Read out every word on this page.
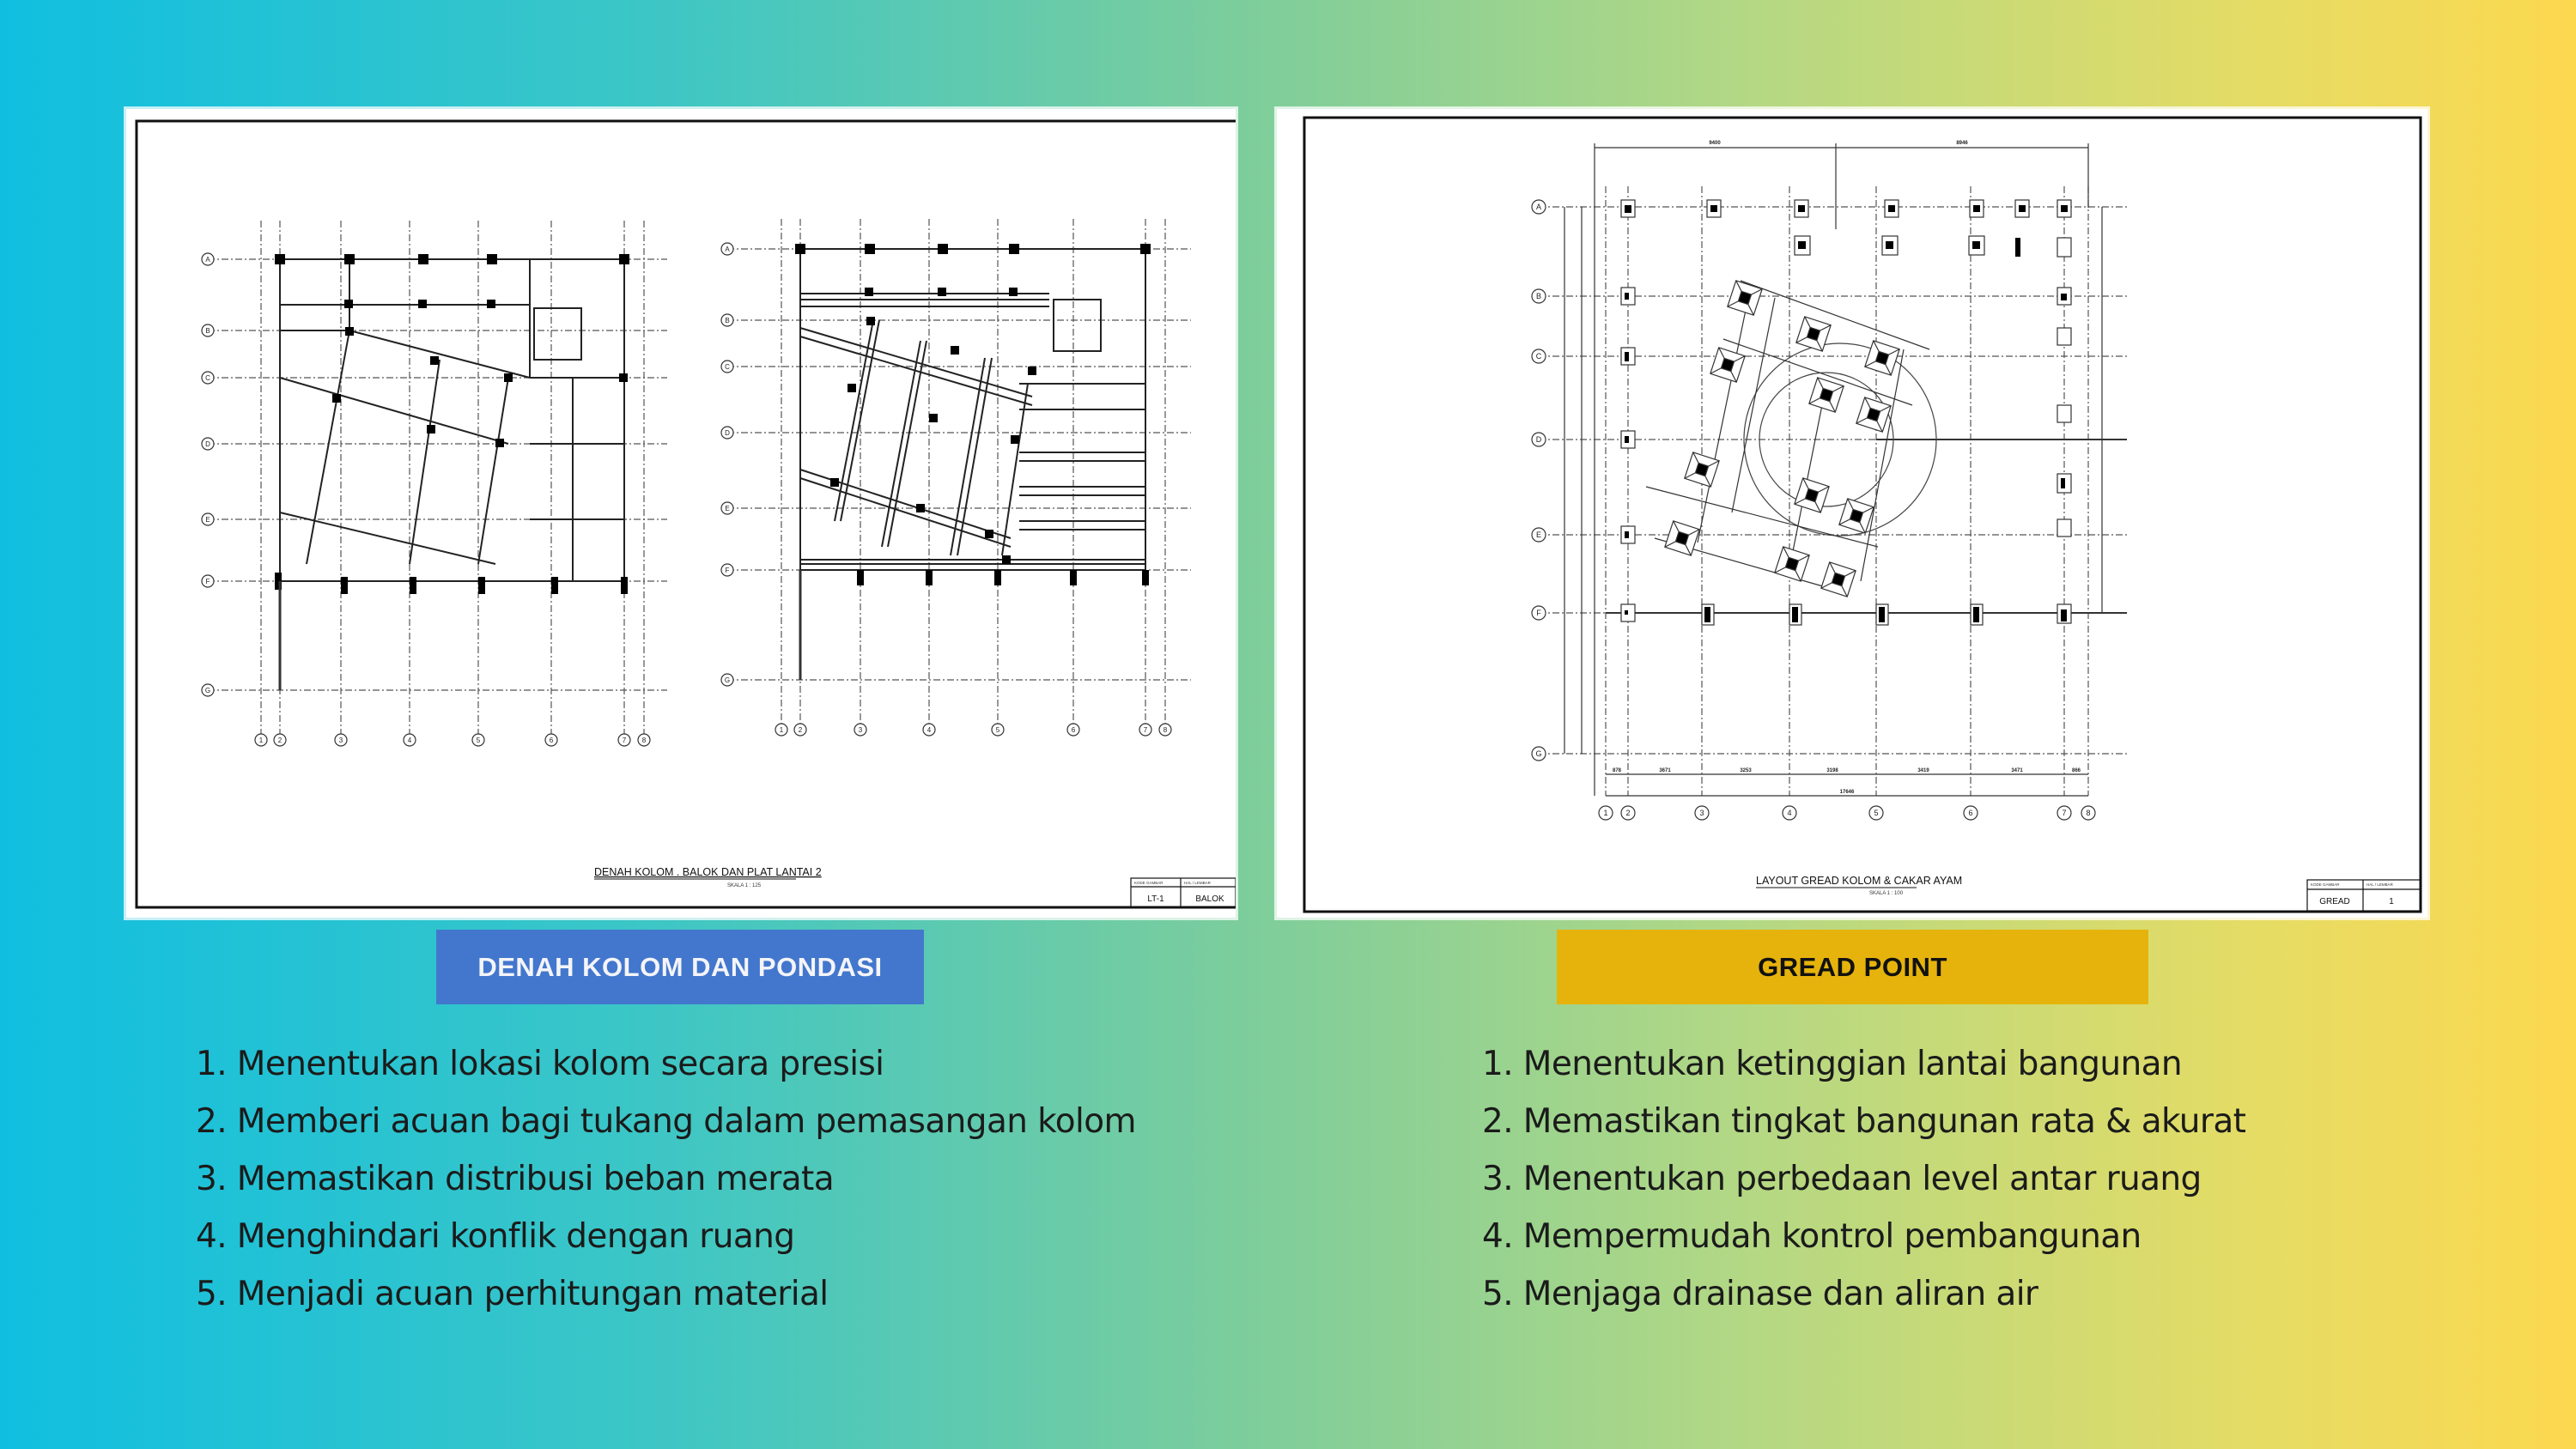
A
B
C
D
E
F
G
1 2	3	4	5	6	7 8
A
B
C
D
E
F
G
1 2	3	4	5	6	7 8
DENAH KOLOM . BALOK DAN PLAT LANTAI 2
SKALA 1 : 125
KODE GAMBAR	HAL / LEMBAR
LT-1	BALOK
9400	8946
878	3671	3253	3198	3419	3471	866
17646
A
B
C
D
E
F
G
1 2	3	4	5	6	7	8
LAYOUT GREAD KOLOM & CAKAR AYAM
SKALA 1 : 100
KODE GAMBAR	HAL / LEMBAR
GREAD	1
DENAH KOLOM DAN PONDASI	GREAD POINT
1. Menentukan lokasi kolom secara presisi
2. Memberi acuan bagi tukang dalam pemasangan kolom
3. Memastikan distribusi beban merata
4. Menghindari konflik dengan ruang
5. Menjadi acuan perhitungan material
1. Menentukan ketinggian lantai bangunan
2. Memastikan tingkat bangunan rata & akurat
3. Menentukan perbedaan level antar ruang
4. Mempermudah kontrol pembangunan
5. Menjaga drainase dan aliran air
